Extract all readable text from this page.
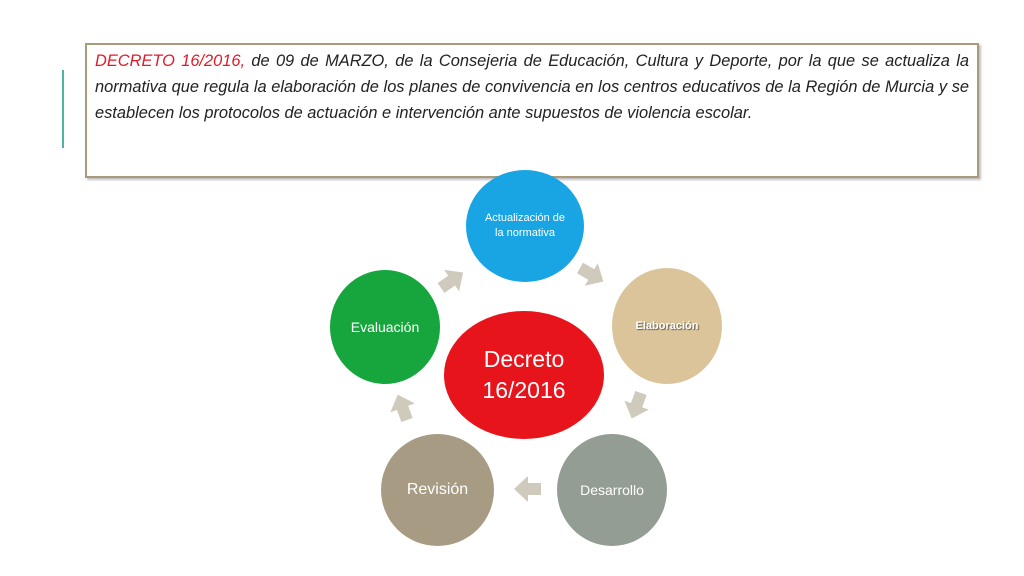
DECRETO 16/2016, de 09 de MARZO, de la Consejeria de Educación, Cultura y Deporte, por la que se actualiza la normativa que regula la elaboración de los planes de convivencia en los centros educativos de la Región de Murcia y se establecen los protocolos de actuación e intervención ante supuestos de violencia escolar.

Actualización de la normativa
Elaboración
Desarrollo
Revisión
Evaluación
Decreto 16/2016
